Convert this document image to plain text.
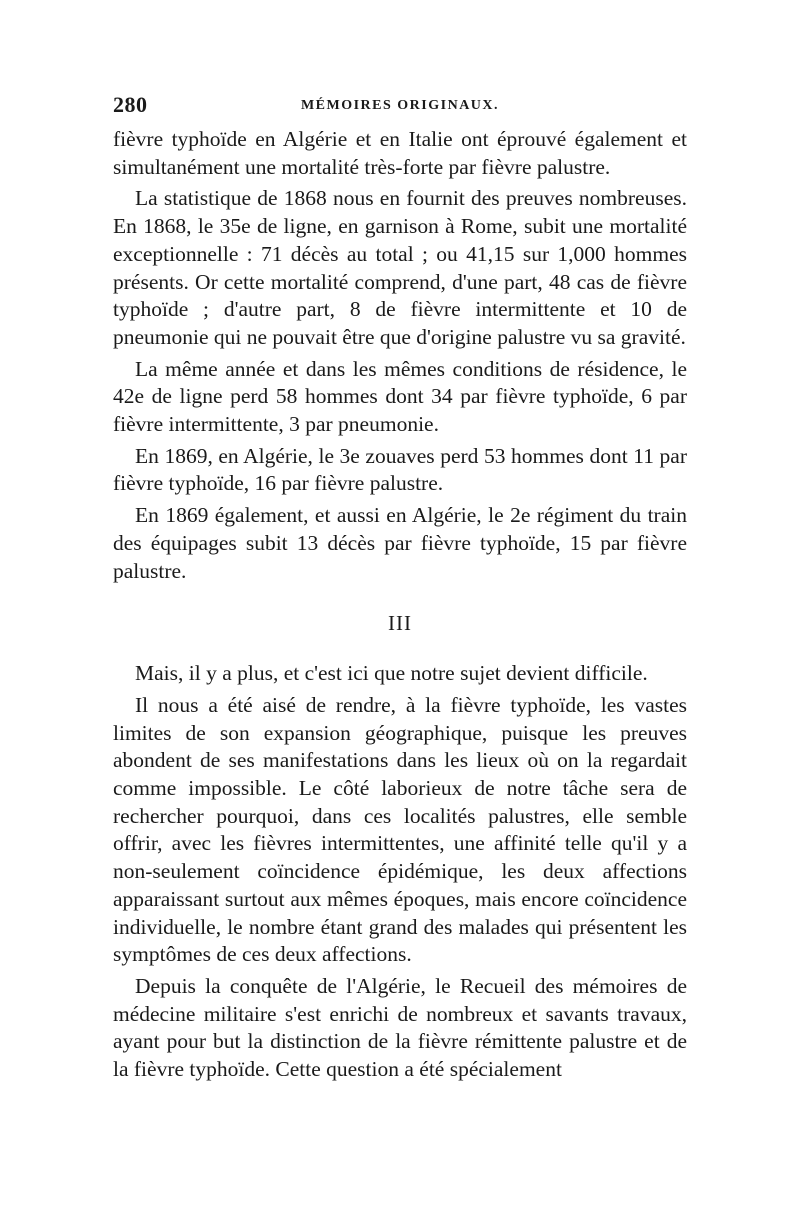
280	MÉMOIRES ORIGINAUX.

fièvre typhoïde en Algérie et en Italie ont éprouvé également et simultanément une mortalité très-forte par fièvre palustre.

La statistique de 1868 nous en fournit des preuves nombreuses. En 1868, le 35e de ligne, en garnison à Rome, subit une mortalité exceptionnelle : 71 décès au total ; ou 41,15 sur 1,000 hommes présents. Or cette mortalité comprend, d'une part, 48 cas de fièvre typhoïde ; d'autre part, 8 de fièvre intermittente et 10 de pneumonie qui ne pouvait être que d'origine palustre vu sa gravité.

La même année et dans les mêmes conditions de résidence, le 42e de ligne perd 58 hommes dont 34 par fièvre typhoïde, 6 par fièvre intermittente, 3 par pneumonie.

En 1869, en Algérie, le 3e zouaves perd 53 hommes dont 11 par fièvre typhoïde, 16 par fièvre palustre.

En 1869 également, et aussi en Algérie, le 2e régiment du train des équipages subit 13 décès par fièvre typhoïde, 15 par fièvre palustre.

III

Mais, il y a plus, et c'est ici que notre sujet devient difficile.

Il nous a été aisé de rendre, à la fièvre typhoïde, les vastes limites de son expansion géographique, puisque les preuves abondent de ses manifestations dans les lieux où on la regardait comme impossible. Le côté laborieux de notre tâche sera de rechercher pourquoi, dans ces localités palustres, elle semble offrir, avec les fièvres intermittentes, une affinité telle qu'il y a non-seulement coïncidence épidémique, les deux affections apparaissant surtout aux mêmes époques, mais encore coïncidence individuelle, le nombre étant grand des malades qui présentent les symptômes de ces deux affections.

Depuis la conquête de l'Algérie, le Recueil des mémoires de médecine militaire s'est enrichi de nombreux et savants travaux, ayant pour but la distinction de la fièvre rémittente palustre et de la fièvre typhoïde. Cette question a été spécialement
